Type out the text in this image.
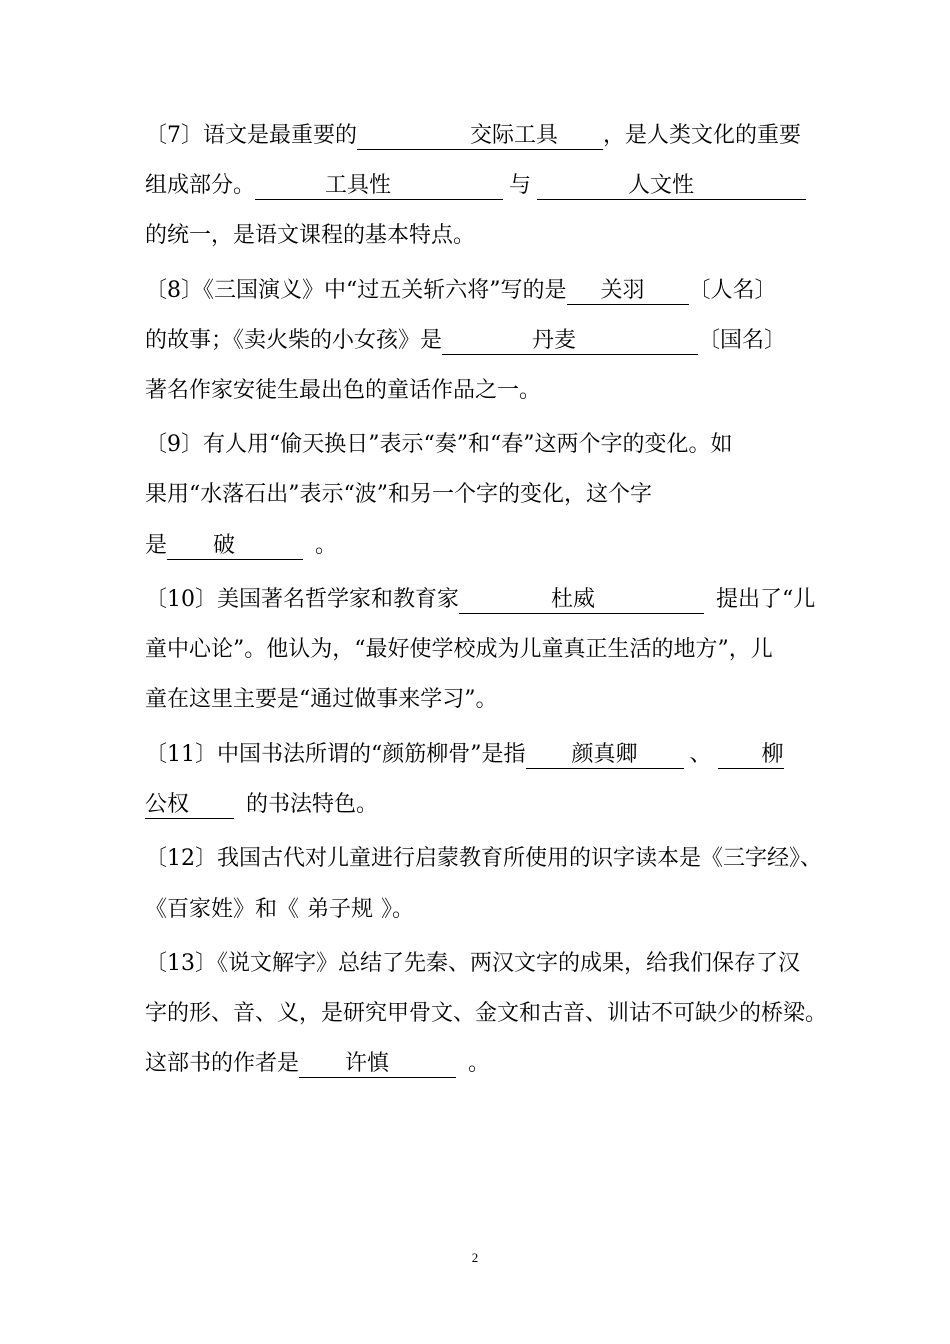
〔7〕语文是最重要的	交际工具 ，是人类文化的重要
组成部分。	工具性	与	人文性
的统一，是语文课程的基本特点。
〔8〕《三国演义》中“过五关斩六将”写的是 关羽 〔人名〕
的故事；《卖火柴的小女孩》是	丹麦	〔国名〕
著名作家安徒生最出色的童话作品之一。
〔9〕有人用“偷天换日”表示“奏”和“春”这两个字的变化。如
果用“水落石出”表示“波”和另一个字的变化，这个字
是 破	。
〔10〕美国著名哲学家和教育家	杜威	提出了“儿
童中心论”。他认为，“最好使学校成为儿童真正生活的地方”，儿
童在这里主要是“通过做事来学习”。
〔11〕中国书法所谓的“颜筋柳骨”是指 颜真卿 、 柳
公权	的书法特色。
〔12〕我国古代对儿童进行启蒙教育所使用的识字读本是《三字经》、
《百家姓》和《 弟子规 》。
〔13〕《说文解字》总结了先秦、两汉文字的成果，给我们保存了汉
字的形、音、义，是研究甲骨文、金文和古音、训诂不可缺少的桥梁。
这部书的作者是 许慎	。
2
